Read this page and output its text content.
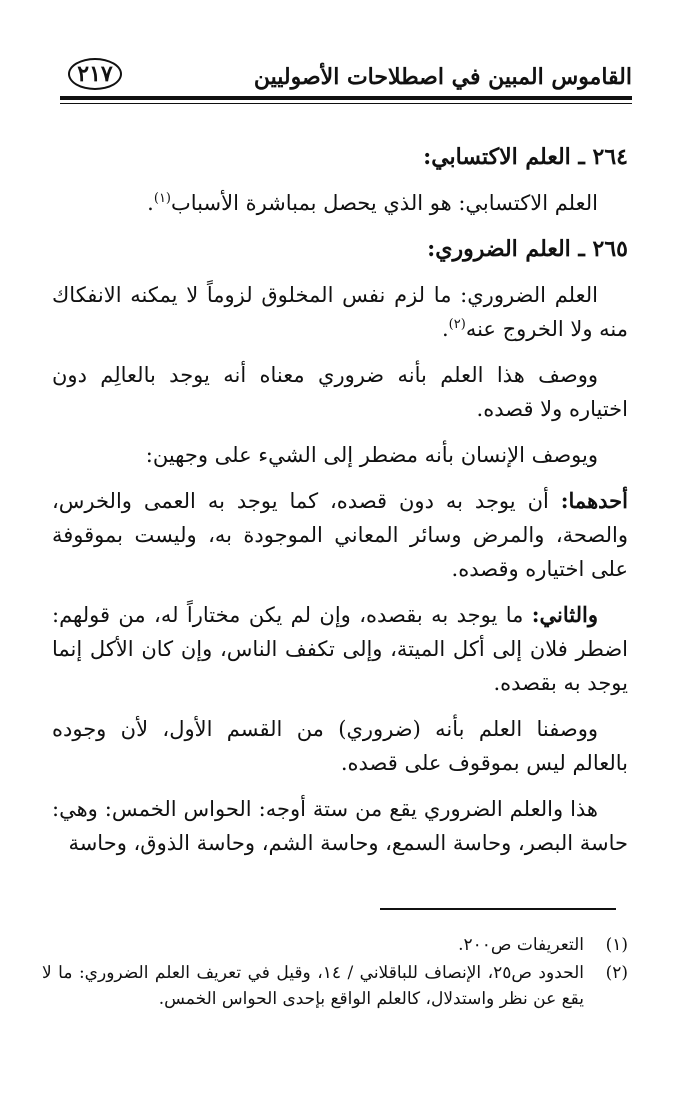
٢١٧	القاموس المبين في اصطلاحات الأصوليين
٢٦٤ ـ العلم الاكتسابي:

العلم الاكتسابي: هو الذي يحصل بمباشرة الأسباب$^{(١)}$.

٢٦٥ ـ العلم الضروري:

العلم الضروري: ما لزم نفس المخلوق لزوماً لا يمكنه الانفكاك منه ولا الخروج عنه$^{(٢)}$.

ووصف هذا العلم بأنه ضروري معناه أنه يوجد بالعالِم دون اختياره ولا قصده.

ويوصف الإنسان بأنه مضطر إلى الشيء على وجهين:

أحدهما: أن يوجد به دون قصده، كما يوجد به العمى والخرس، والصحة، والمرض وسائر المعاني الموجودة به، وليست بموقوفة على اختياره وقصده.

والثاني: ما يوجد به بقصده، وإن لم يكن مختاراً له، من قولهم: اضطر فلان إلى أكل الميتة، وإلى تكفف الناس، وإن كان الأكل إنما يوجد به بقصده.

ووصفنا العلم بأنه (ضروري) من القسم الأول، لأن وجوده بالعالم ليس بموقوف على قصده.

هذا والعلم الضروري يقع من ستة أوجه: الحواس الخمس: وهي: حاسة البصر، وحاسة السمع، وحاسة الشم، وحاسة الذوق، وحاسة

(١)
التعريفات ص٢٠٠.
(٢)
الحدود ص٢٥، الإنصاف للباقلاني / ١٤، وقيل في تعريف العلم الضروري: ما لا يقع عن نظر واستدلال، كالعلم الواقع بإحدى الحواس الخمس.
